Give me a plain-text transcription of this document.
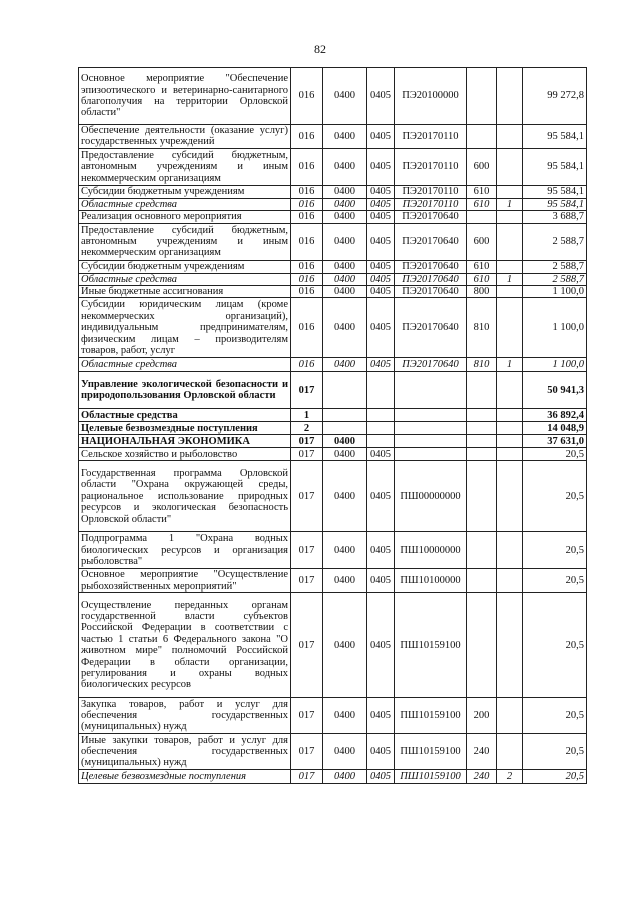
82
Основное мероприятие "Обеспечение эпизоотического и ветеринарно-санитарного благополучия на территории Орловской области"	016	0400	0405	ПЭ20100000			99 272,8
Обеспечение деятельности (оказание услуг) государственных учреждений	016	0400	0405	ПЭ20170110			95 584,1
Предоставление субсидий бюджетным, автономным учреждениям и иным некоммерческим организациям	016	0400	0405	ПЭ20170110	600		95 584,1
Субсидии бюджетным учреждениям	016	0400	0405	ПЭ20170110	610		95 584,1
Областные средства	016	0400	0405	ПЭ20170110	610	1	95 584,1
Реализация основного мероприятия	016	0400	0405	ПЭ20170640			3 688,7
Предоставление субсидий бюджетным, автономным учреждениям и иным некоммерческим организациям	016	0400	0405	ПЭ20170640	600		2 588,7
Субсидии бюджетным учреждениям	016	0400	0405	ПЭ20170640	610		2 588,7
Областные средства	016	0400	0405	ПЭ20170640	610	1	2 588,7
Иные бюджетные ассигнования	016	0400	0405	ПЭ20170640	800		1 100,0
Субсидии юридическим лицам (кроме некоммерческих организаций), индивидуальным предпринимателям, физическим лицам – производителям товаров, работ, услуг	016	0400	0405	ПЭ20170640	810		1 100,0
Областные средства	016	0400	0405	ПЭ20170640	810	1	1 100,0
Управление экологической безопасности и природопользования Орловской области	017						50 941,3
Областные средства	1						36 892,4
Целевые безвозмездные поступления	2						14 048,9
НАЦИОНАЛЬНАЯ ЭКОНОМИКА	017	0400					37 631,0
Сельское хозяйство и рыболовство	017	0400	0405				20,5
Государственная программа Орловской области "Охрана окружающей среды, рациональное использование природных ресурсов и экологическая безопасность Орловской области"	017	0400	0405	ПШ00000000			20,5
Подпрограмма 1 "Охрана водных биологических ресурсов и организация рыболовства"	017	0400	0405	ПШ10000000			20,5
Основное мероприятие "Осуществление рыбохозяйственных мероприятий"	017	0400	0405	ПШ10100000			20,5
Осуществление переданных органам государственной власти субъектов Российской Федерации в соответствии с частью 1 статьи 6 Федерального закона "О животном мире" полномочий Российской Федерации в области организации, регулирования и охраны водных биологических ресурсов	017	0400	0405	ПШ10159100			20,5
Закупка товаров, работ и услуг для обеспечения государственных (муниципальных) нужд	017	0400	0405	ПШ10159100	200		20,5
Иные закупки товаров, работ и услуг для обеспечения государственных (муниципальных) нужд	017	0400	0405	ПШ10159100	240		20,5
Целевые безвозмездные поступления	017	0400	0405	ПШ10159100	240	2	20,5
